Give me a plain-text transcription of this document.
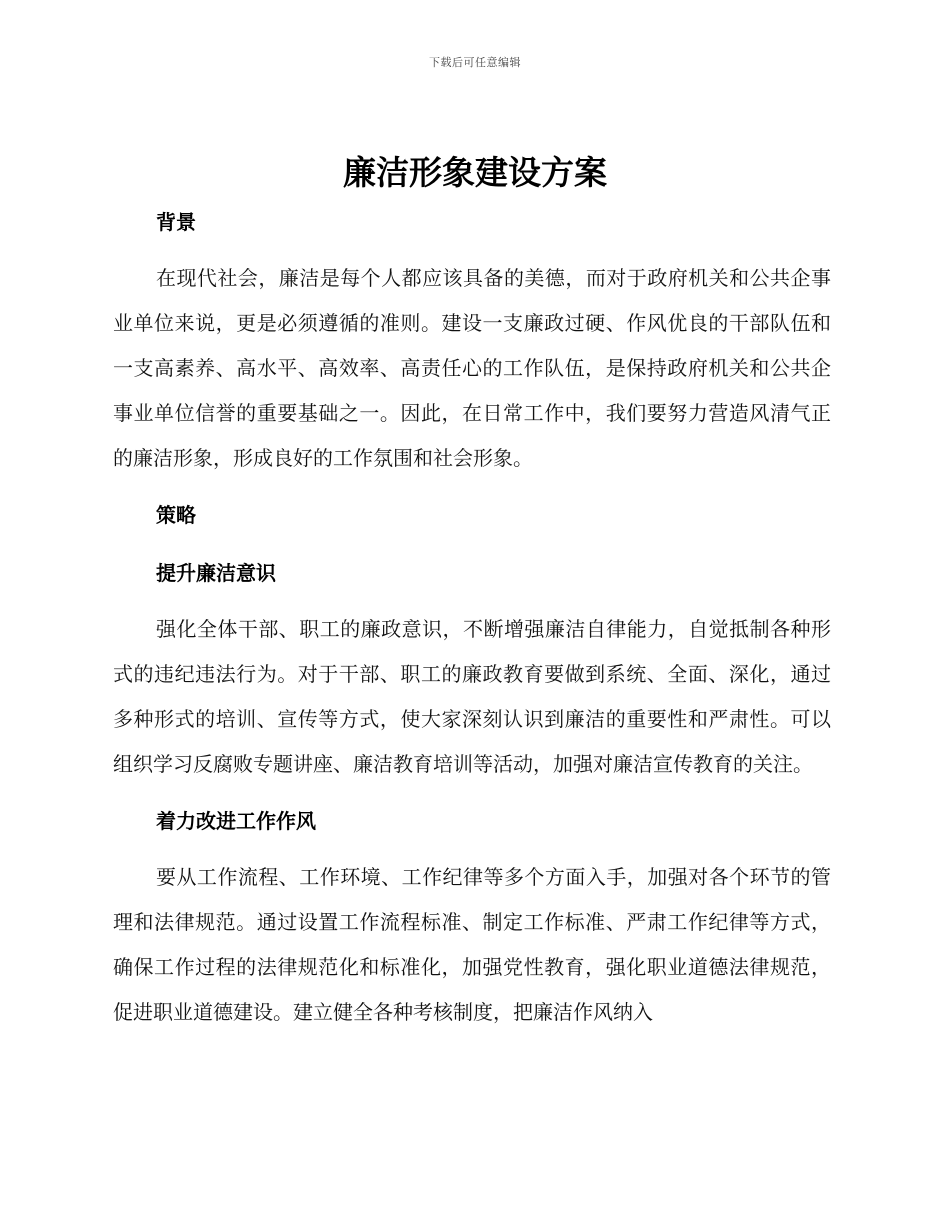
下载后可任意编辑
廉洁形象建设方案
背景

在现代社会，廉洁是每个人都应该具备的美德，而对于政府机关和公共企事业单位来说，更是必须遵循的准则。建设一支廉政过硬、作风优良的干部队伍和一支高素养、高水平、高效率、高责任心的工作队伍，是保持政府机关和公共企事业单位信誉的重要基础之一。因此，在日常工作中，我们要努力营造风清气正的廉洁形象，形成良好的工作氛围和社会形象。

策略
提升廉洁意识

强化全体干部、职工的廉政意识，不断增强廉洁自律能力，自觉抵制各种形式的违纪违法行为。对于干部、职工的廉政教育要做到系统、全面、深化，通过多种形式的培训、宣传等方式，使大家深刻认识到廉洁的重要性和严肃性。可以组织学习反腐败专题讲座、廉洁教育培训等活动，加强对廉洁宣传教育的关注。

着力改进工作作风

要从工作流程、工作环境、工作纪律等多个方面入手，加强对各个环节的管理和法律规范。通过设置工作流程标准、制定工作标准、严肃工作纪律等方式，确保工作过程的法律规范化和标准化，加强党性教育，强化职业道德法律规范，促进职业道德建设。建立健全各种考核制度，把廉洁作风纳入
